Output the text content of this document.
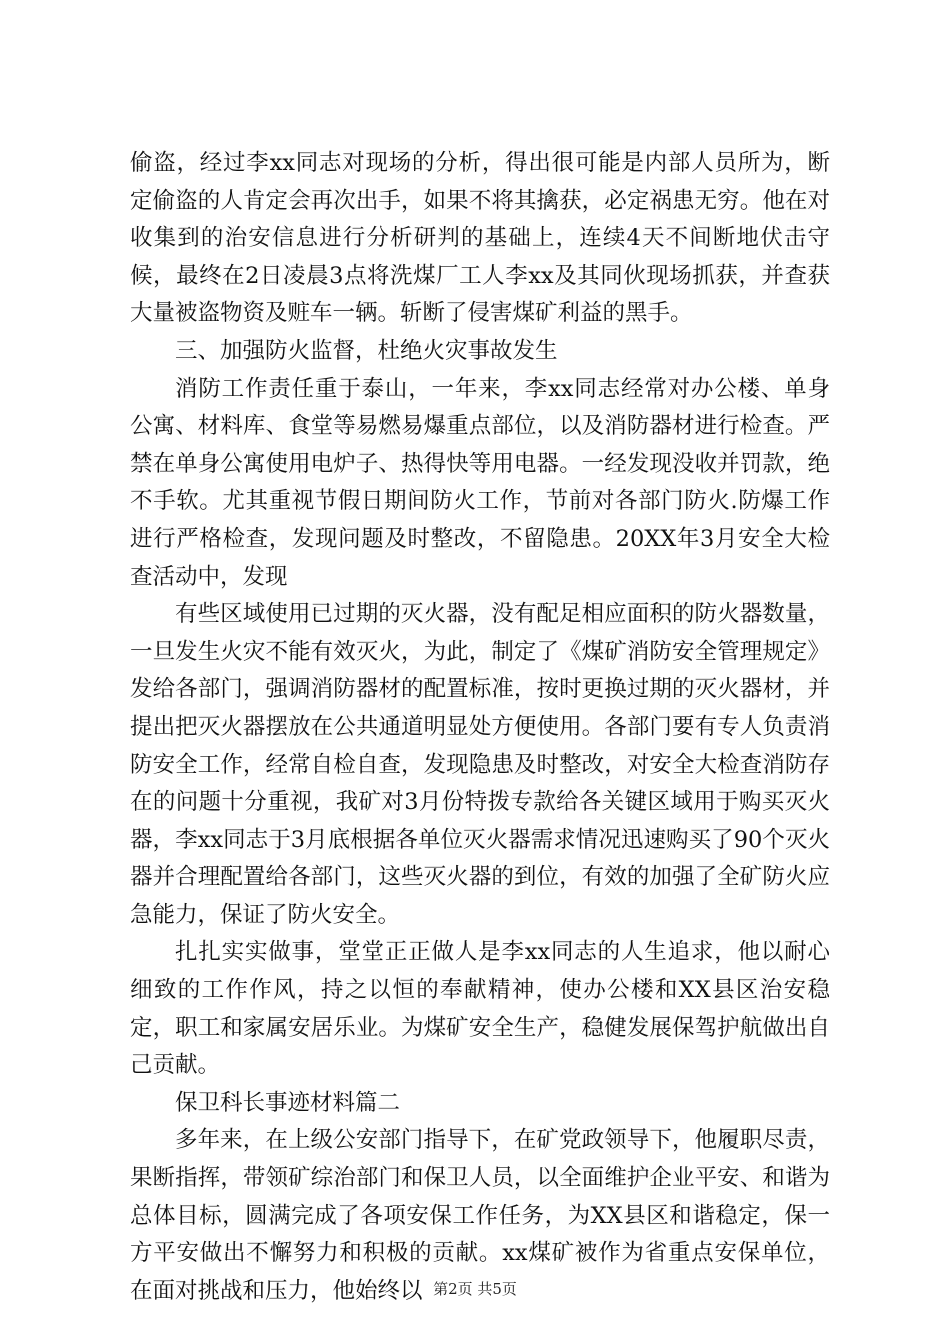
偷盗，经过李xx同志对现场的分析，得出很可能是内部人员所为，断定偷盗的人肯定会再次出手，如果不将其擒获，必定祸患无穷。他在对收集到的治安信息进行分析研判的基础上，连续4天不间断地伏击守候，最终在2日凌晨3点将洗煤厂工人李xx及其同伙现场抓获，并查获大量被盗物资及赃车一辆。斩断了侵害煤矿利益的黑手。

三、加强防火监督，杜绝火灾事故发生

消防工作责任重于泰山，一年来，李xx同志经常对办公楼、单身公寓、材料库、食堂等易燃易爆重点部位，以及消防器材进行检查。严禁在单身公寓使用电炉子、热得快等用电器。一经发现没收并罚款，绝不手软。尤其重视节假日期间防火工作，节前对各部门防火.防爆工作进行严格检查，发现问题及时整改，不留隐患。20XX年3月安全大检查活动中，发现

有些区域使用已过期的灭火器，没有配足相应面积的防火器数量，一旦发生火灾不能有效灭火，为此，制定了《煤矿消防安全管理规定》发给各部门，强调消防器材的配置标准，按时更换过期的灭火器材，并提出把灭火器摆放在公共通道明显处方便使用。各部门要有专人负责消防安全工作，经常自检自查，发现隐患及时整改，对安全大检查消防存在的问题十分重视，我矿对3月份特拨专款给各关键区域用于购买灭火器，李xx同志于3月底根据各单位灭火器需求情况迅速购买了90个灭火器并合理配置给各部门，这些灭火器的到位，有效的加强了全矿防火应急能力，保证了防火安全。

扎扎实实做事，堂堂正正做人是李xx同志的人生追求，他以耐心细致的工作作风，持之以恒的奉献精神，使办公楼和XX县区治安稳定，职工和家属安居乐业。为煤矿安全生产，稳健发展保驾护航做出自己贡献。

保卫科长事迹材料篇二

多年来，在上级公安部门指导下，在矿党政领导下，他履职尽责，果断指挥，带领矿综治部门和保卫人员，以全面维护企业平安、和谐为总体目标，圆满完成了各项安保工作任务，为XX县区和谐稳定，保一方平安做出不懈努力和积极的贡献。xx煤矿被作为省重点安保单位，在面对挑战和压力，他始终以 第2页 共5页
